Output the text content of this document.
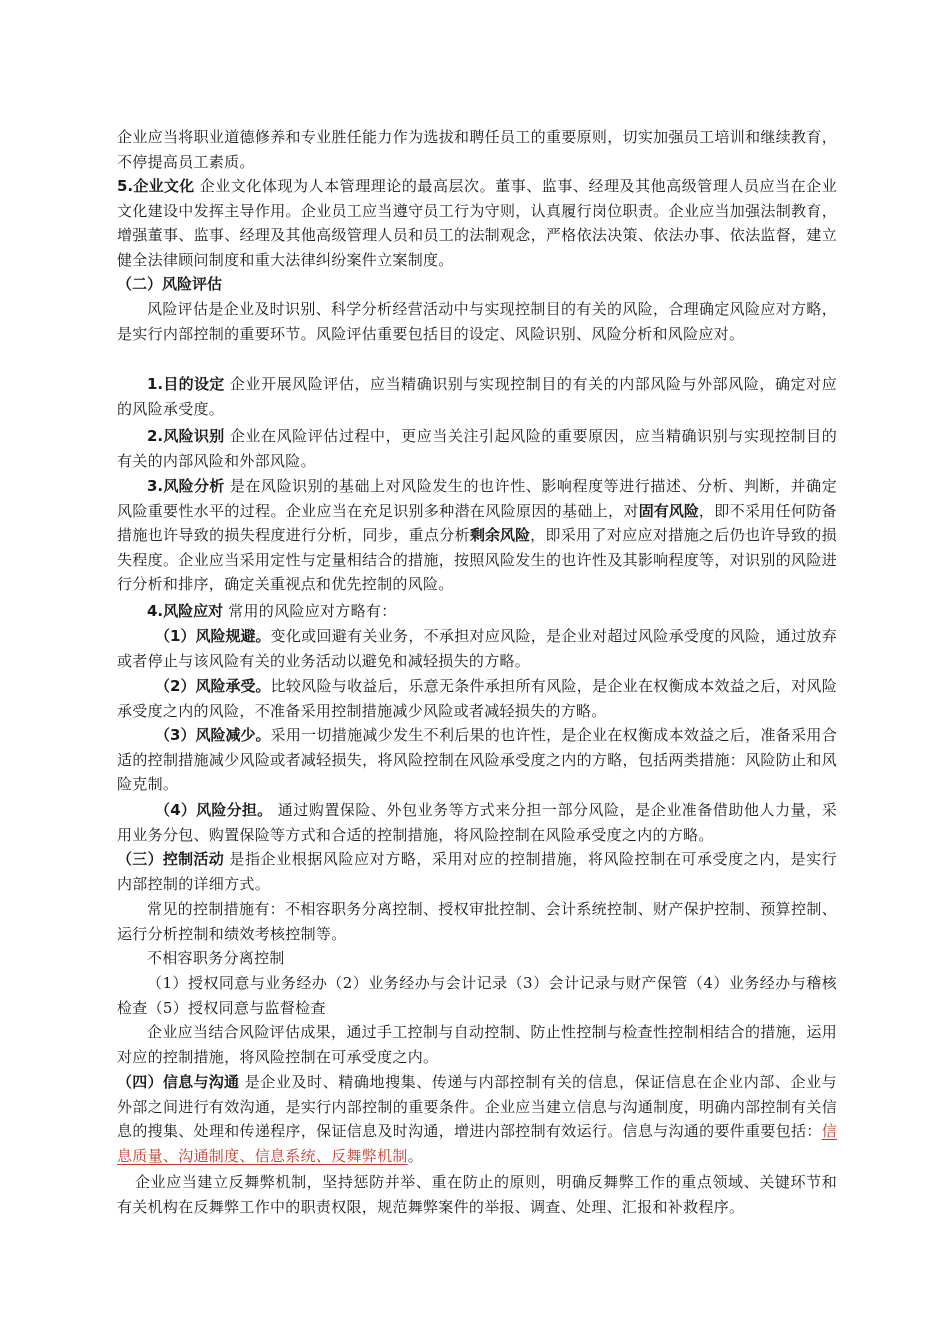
企业应当将职业道德修养和专业胜任能力作为选拔和聘任员工的重要原则，切实加强员工培训和继续教育，不停提高员工素质。

5.企业文化 企业文化体现为人本管理理论的最高层次。董事、监事、经理及其他高级管理人员应当在企业文化建设中发挥主导作用。企业员工应当遵守员工行为守则，认真履行岗位职责。企业应当加强法制教育，增强董事、监事、经理及其他高级管理人员和员工的法制观念，严格依法决策、依法办事、依法监督，建立健全法律顾问制度和重大法律纠纷案件立案制度。

（二）风险评估

风险评估是企业及时识别、科学分析经营活动中与实现控制目的有关的风险，合理确定风险应对方略，是实行内部控制的重要环节。风险评估重要包括目的设定、风险识别、风险分析和风险应对。

1.目的设定 企业开展风险评估，应当精确识别与实现控制目的有关的内部风险与外部风险，确定对应的风险承受度。

2.风险识别 企业在风险评估过程中，更应当关注引起风险的重要原因，应当精确识别与实现控制目的有关的内部风险和外部风险。

3.风险分析 是在风险识别的基础上对风险发生的也许性、影响程度等进行描述、分析、判断，并确定风险重要性水平的过程。企业应当在充足识别多种潜在风险原因的基础上，对固有风险，即不采用任何防备措施也许导致的损失程度进行分析，同步，重点分析剩余风险，即采用了对应应对措施之后仍也许导致的损失程度。企业应当采用定性与定量相结合的措施，按照风险发生的也许性及其影响程度等，对识别的风险进行分析和排序，确定关重视点和优先控制的风险。

4.风险应对 常用的风险应对方略有：

（1）风险规避。变化或回避有关业务，不承担对应风险，是企业对超过风险承受度的风险，通过放弃或者停止与该风险有关的业务活动以避免和减轻损失的方略。

（2）风险承受。比较风险与收益后，乐意无条件承担所有风险，是企业在权衡成本效益之后，对风险承受度之内的风险，不准备采用控制措施减少风险或者减轻损失的方略。

（3）风险减少。采用一切措施减少发生不利后果的也许性，是企业在权衡成本效益之后，准备采用合适的控制措施减少风险或者减轻损失，将风险控制在风险承受度之内的方略，包括两类措施：风险防止和风险克制。

（4）风险分担。 通过购置保险、外包业务等方式来分担一部分风险，是企业准备借助他人力量，采用业务分包、购置保险等方式和合适的控制措施，将风险控制在风险承受度之内的方略。

（三）控制活动 是指企业根据风险应对方略，采用对应的控制措施，将风险控制在可承受度之内，是实行内部控制的详细方式。

常见的控制措施有：不相容职务分离控制、授权审批控制、会计系统控制、财产保护控制、预算控制、运行分析控制和绩效考核控制等。

不相容职务分离控制

（1）授权同意与业务经办（2）业务经办与会计记录（3）会计记录与财产保管（4）业务经办与稽核检查（5）授权同意与监督检查

企业应当结合风险评估成果，通过手工控制与自动控制、防止性控制与检查性控制相结合的措施，运用对应的控制措施，将风险控制在可承受度之内。

（四）信息与沟通 是企业及时、精确地搜集、传递与内部控制有关的信息，保证信息在企业内部、企业与外部之间进行有效沟通，是实行内部控制的重要条件。企业应当建立信息与沟通制度，明确内部控制有关信息的搜集、处理和传递程序，保证信息及时沟通，增进内部控制有效运行。信息与沟通的要件重要包括：信息质量、沟通制度、信息系统、反舞弊机制。

企业应当建立反舞弊机制，坚持惩防并举、重在防止的原则，明确反舞弊工作的重点领域、关键环节和有关机构在反舞弊工作中的职责权限，规范舞弊案件的举报、调查、处理、汇报和补救程序。
